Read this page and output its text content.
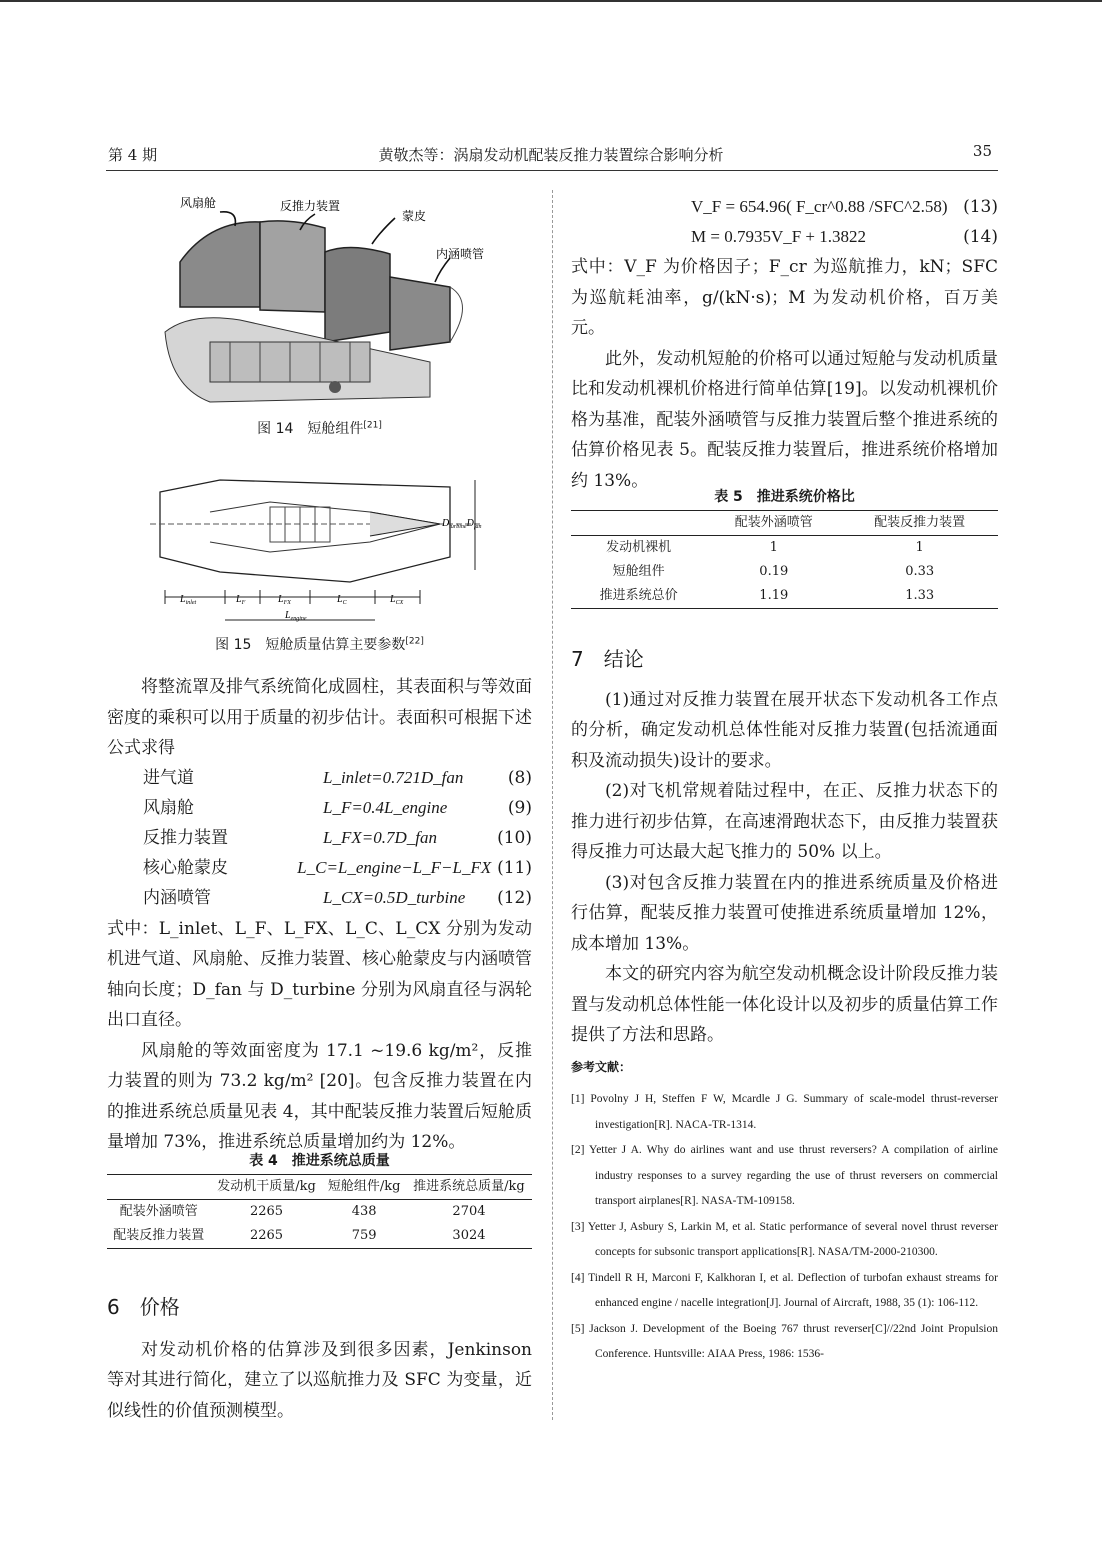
第 4 期	黄敬杰等：涡扇发动机配装反推力装置综合影响分析	35
风扇舱	反推力装置
蒙皮
内涵喷管

图 14　短舱组件[21]

$D_{turbine}D_{fan}$
$L_{inlet}$	$L_F$	$L_{FX}$	$L_C$	$L_{CX}$
$L_{engine}$

图 15　短舱质量估算主要参数[22]

将整流罩及排气系统简化成圆柱，其表面积与等效面密度的乘积可以用于质量的初步估计。表面积可根据下述公式求得

进气道	L_inlet=0.721D_fan	(8)
风扇舱	L_F=0.4L_engine	(9)
反推力装置	L_FX=0.7D_fan	(10)
核心舱蒙皮	L_C=L_engine−L_F−L_FX (11)
内涵喷管	L_CX=0.5D_turbine	(12)

式中：L_inlet、L_F、L_FX、L_C、L_CX 分别为发动机进气道、风扇舱、反推力装置、核心舱蒙皮与内涵喷管轴向长度；D_fan 与 D_turbine 分别为风扇直径与涡轮出口直径。

风扇舱的等效面密度为 17.1 ~19.6 kg/m²，反推力装置的则为 73.2 kg/m² [20]。包含反推力装置在内的推进系统总质量见表 4，其中配装反推力装置后短舱质量增加 73%，推进系统总质量增加约为 12%。

表 4　推进系统总质量

	发动机干质量/kg	短舱组件/kg	推进系统总质量/kg
配装外涵喷管	2265	438	2704
配装反推力装置	2265	759	3024

6　价格

对发动机价格的估算涉及到很多因素，Jenkinson 等对其进行简化，建立了以巡航推力及 SFC 为变量，近似线性的价值预测模型。

V_F = 654.96( F_cr^0.88 /SFC^2.58) (13)
M = 0.7935V_F + 1.3822	(14)

式中：V_F 为价格因子；F_cr 为巡航推力，kN；SFC 为巡航耗油率，g/(kN·s)；M 为发动机价格，百万美元。

此外，发动机短舱的价格可以通过短舱与发动机质量比和发动机裸机价格进行简单估算[19]。以发动机裸机价格为基准，配装外涵喷管与反推力装置后整个推进系统的估算价格见表 5。配装反推力装置后，推进系统价格增加约 13%。

表 5　推进系统价格比

	配装外涵喷管	配装反推力装置
发动机裸机	1	1
短舱组件	0.19	0.33
推进系统总价	1.19	1.33

7　结论

(1)通过对反推力装置在展开状态下发动机各工作点的分析，确定发动机总体性能对反推力装置(包括流通面积及流动损失)设计的要求。

(2)对飞机常规着陆过程中，在正、反推力状态下的推力进行初步估算，在高速滑跑状态下，由反推力装置获得反推力可达最大起飞推力的 50% 以上。

(3)对包含反推力装置在内的推进系统质量及价格进行估算，配装反推力装置可使推进系统质量增加 12%，成本增加 13%。

本文的研究内容为航空发动机概念设计阶段反推力装置与发动机总体性能一体化设计以及初步的质量估算工作提供了方法和思路。

参考文献：

[1] Povolny J H, Steffen F W, Mcardle J G. Summary of scale-model thrust-reverser investigation[R]. NACA-TR-1314.

[2] Yetter J A. Why do airlines want and use thrust reversers? A compilation of airline industry responses to a survey regarding the use of thrust reversers on commercial transport airplanes[R]. NASA-TM-109158.

[3] Yetter J, Asbury S, Larkin M, et al. Static performance of several novel thrust reverser concepts for subsonic transport applications[R]. NASA/TM-2000-210300.

[4] Tindell R H, Marconi F, Kalkhoran I, et al. Deflection of turbofan exhaust streams for enhanced engine / nacelle integration[J]. Journal of Aircraft, 1988, 35 (1): 106-112.

[5] Jackson J. Development of the Boeing 767 thrust reverser[C]//22nd Joint Propulsion Conference. Huntsville: AIAA Press, 1986: 1536-
